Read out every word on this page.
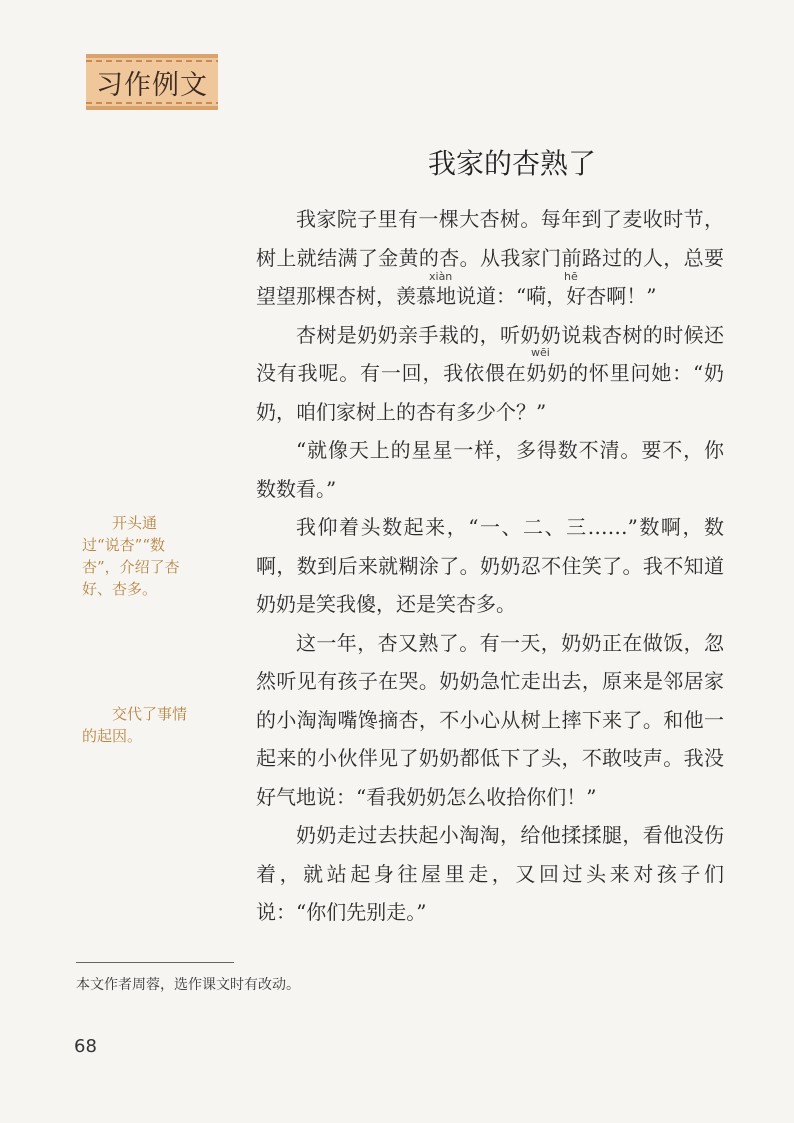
习作例文
我家的杏熟了

我家院子里有一棵大杏树。每年到了麦收时节，树上就结满了金黄的杏。从我家门前路过的人，总要望望那棵杏树，羡慕地说道：“嗬，好杏啊！”

杏树是奶奶亲手栽的，听奶奶说栽杏树的时候还没有我呢。有一回，我依偎在奶奶的怀里问她：“奶奶，咱们家树上的杏有多少个？”

“就像天上的星星一样，多得数不清。要不，你数数看。”

我仰着头数起来，“一、二、三……”数啊，数啊，数到后来就糊涂了。奶奶忍不住笑了。我不知道奶奶是笑我傻，还是笑杏多。

这一年，杏又熟了。有一天，奶奶正在做饭，忽然听见有孩子在哭。奶奶急忙走出去，原来是邻居家的小淘淘嘴馋摘杏，不小心从树上摔下来了。和他一起来的小伙伴见了奶奶都低下了头，不敢吱声。我没好气地说：“看我奶奶怎么收拾你们！”

奶奶走过去扶起小淘淘，给他揉揉腿，看他没伤着，就站起身往屋里走，又回过头来对孩子们说：“你们先别走。”

xiàn	hē
wēi
开头通过“说杏”“数杏”，介绍了杏好、杏多。
交代了事情的起因。
本文作者周蓉，选作课文时有改动。
68
